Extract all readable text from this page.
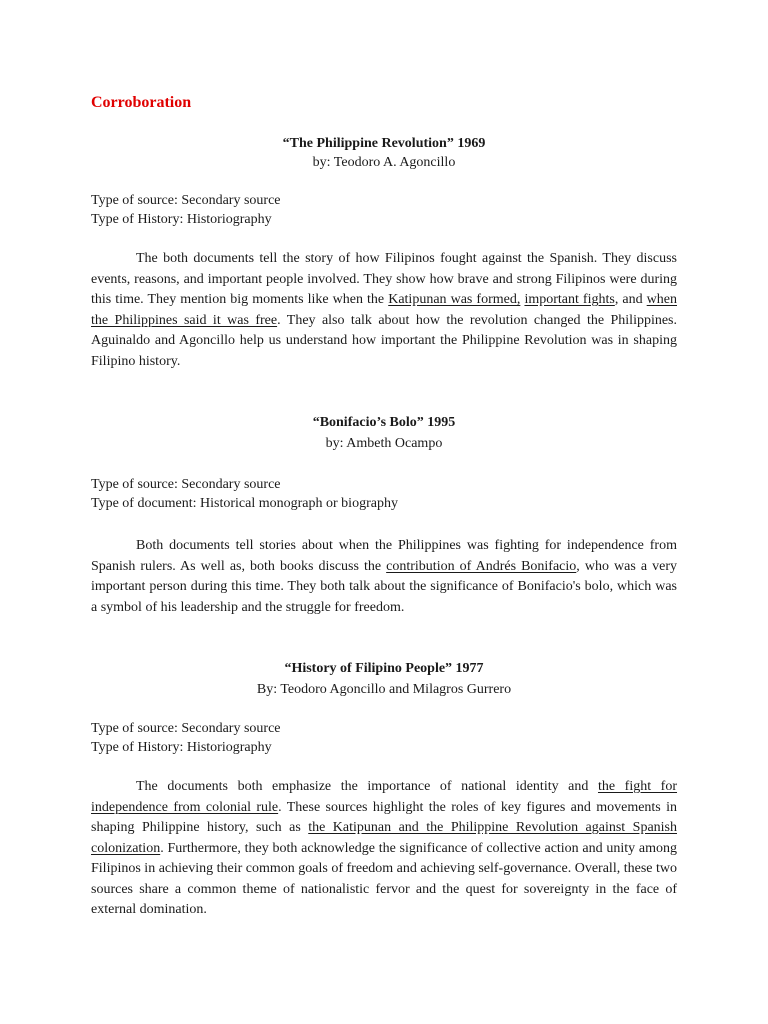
Corroboration
“The Philippine Revolution” 1969
by: Teodoro A. Agoncillo
Type of source: Secondary source
Type of History: Historiography

The both documents tell the story of how Filipinos fought against the Spanish. They discuss events, reasons, and important people involved. They show how brave and strong Filipinos were during this time. They mention big moments like when the Katipunan was formed, important fights, and when the Philippines said it was free. They also talk about how the revolution changed the Philippines. Aguinaldo and Agoncillo help us understand how important the Philippine Revolution was in shaping Filipino history.

“Bonifacio’s Bolo” 1995
by: Ambeth Ocampo
Type of source: Secondary source
Type of document: Historical monograph or biography

Both documents tell stories about when the Philippines was fighting for independence from Spanish rulers. As well as, both books discuss the contribution of Andrés Bonifacio, who was a very important person during this time. They both talk about the significance of Bonifacio's bolo, which was a symbol of his leadership and the struggle for freedom.

“History of Filipino People” 1977
By: Teodoro Agoncillo and Milagros Gurrero
Type of source: Secondary source
Type of History: Historiography

The documents both emphasize the importance of national identity and the fight for independence from colonial rule. These sources highlight the roles of key figures and movements in shaping Philippine history, such as the Katipunan and the Philippine Revolution against Spanish colonization. Furthermore, they both acknowledge the significance of collective action and unity among Filipinos in achieving their common goals of freedom and achieving self-governance. Overall, these two sources share a common theme of nationalistic fervor and the quest for sovereignty in the face of external domination.
